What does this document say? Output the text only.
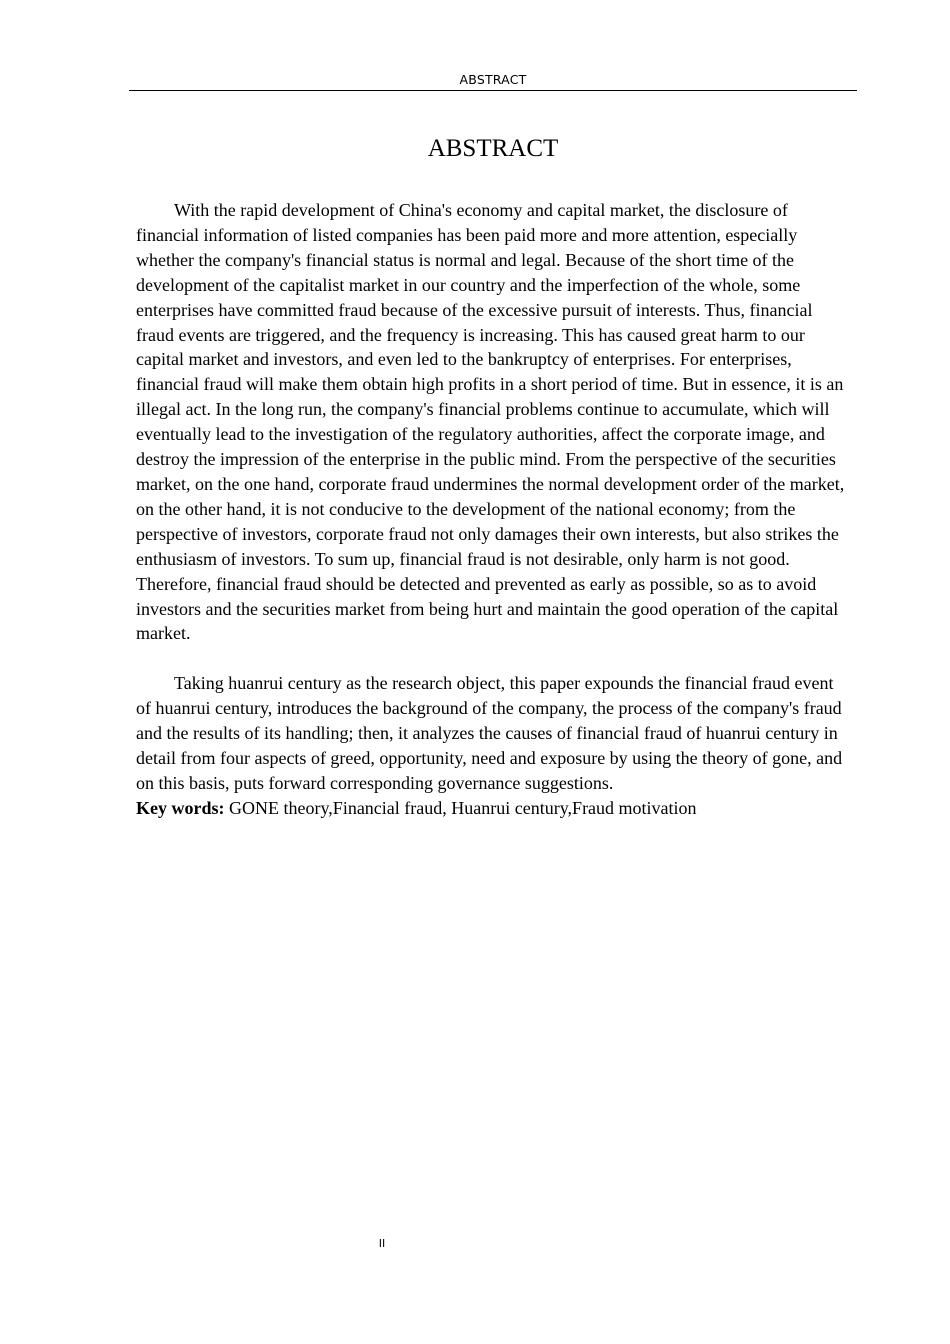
ABSTRACT
ABSTRACT

With the rapid development of China's economy and capital market, the disclosure of financial information of listed companies has been paid more and more attention, especially whether the company's financial status is normal and legal. Because of the short time of the development of the capitalist market in our country and the imperfection of the whole, some enterprises have committed fraud because of the excessive pursuit of interests. Thus, financial fraud events are triggered, and the frequency is increasing. This has caused great harm to our capital market and investors, and even led to the bankruptcy of enterprises. For enterprises, financial fraud will make them obtain high profits in a short period of time. But in essence, it is an illegal act. In the long run, the company's financial problems continue to accumulate, which will eventually lead to the investigation of the regulatory authorities, affect the corporate image, and destroy the impression of the enterprise in the public mind. From the perspective of the securities market, on the one hand, corporate fraud undermines the normal development order of the market, on the other hand, it is not conducive to the development of the national economy; from the perspective of investors, corporate fraud not only damages their own interests, but also strikes the enthusiasm of investors. To sum up, financial fraud is not desirable, only harm is not good. Therefore, financial fraud should be detected and prevented as early as possible, so as to avoid investors and the securities market from being hurt and maintain the good operation of the capital market.

Taking huanrui century as the research object, this paper expounds the financial fraud event of huanrui century, introduces the background of the company, the process of the company's fraud and the results of its handling; then, it analyzes the causes of financial fraud of huanrui century in detail from four aspects of greed, opportunity, need and exposure by using the theory of gone, and on this basis, puts forward corresponding governance suggestions.

Key words: GONE theory,Financial fraud, Huanrui century,Fraud motivation

II
